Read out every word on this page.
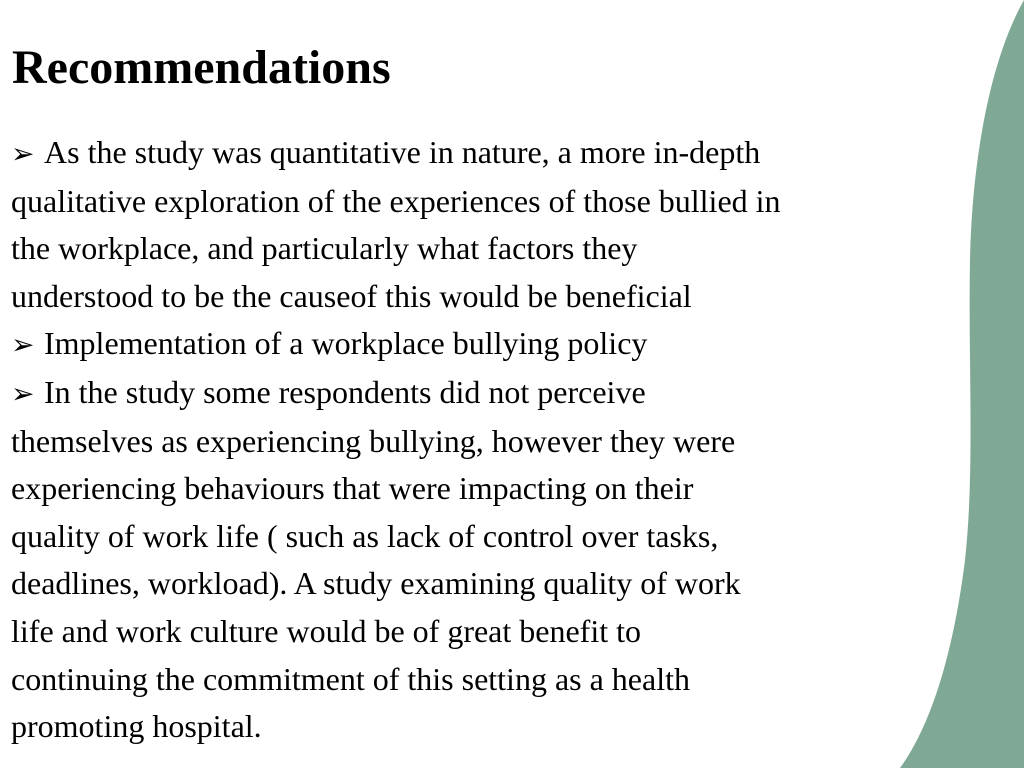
Recommendations
➢ As the study was quantitative in nature, a more in-depth
qualitative exploration of the experiences of those bullied in
the workplace, and particularly what factors they
understood to be the causeof this would be beneficial
➢ Implementation of a workplace bullying policy
➢ In the study some respondents did not perceive
themselves as experiencing bullying, however they were
experiencing behaviours that were impacting on their
quality of work life ( such as lack of control over tasks,
deadlines, workload). A study examining quality of work
life and work culture would be of great benefit to
continuing the commitment of this setting as a health
promoting hospital.
